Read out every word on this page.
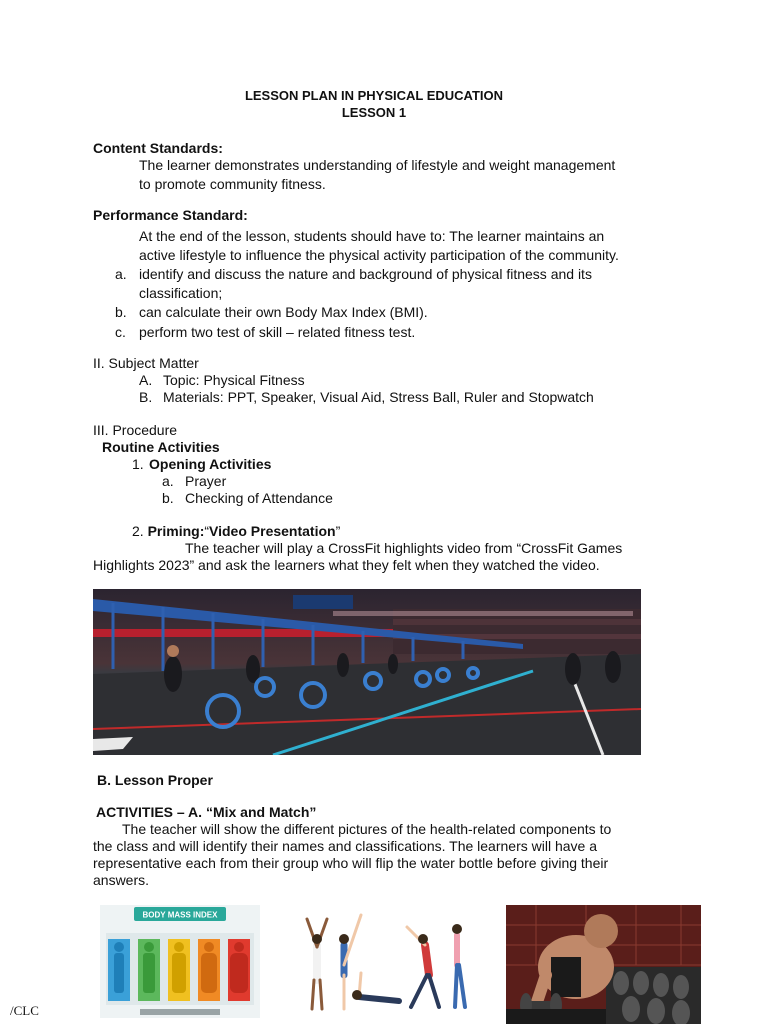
LESSON PLAN IN PHYSICAL EDUCATION
LESSON 1
Content Standards:
The learner demonstrates understanding of lifestyle and weight management
to promote community fitness.
Performance Standard:
At the end of the lesson, students should have to: The learner maintains an
active lifestyle to influence the physical activity participation of the community.
a. identify and discuss the nature and background of physical fitness and its
classification;
b. can calculate their own Body Max Index (BMI).
c. perform two test of skill – related fitness test.
II. Subject Matter
A. Topic: Physical Fitness
B. Materials: PPT, Speaker, Visual Aid, Stress Ball, Ruler and Stopwatch
III. Procedure
Routine Activities
1. Opening Activities
a. Prayer
b. Checking of Attendance
2. Priming:“Video Presentation”
The teacher will play a CrossFit highlights video from “CrossFit Games
Highlights 2023” and ask the learners what they felt when they watched the video.
B. Lesson Proper
ACTIVITIES – A. “Mix and Match”
The teacher will show the different pictures of the health-related components to
the class and will identify their names and classifications. The learners will have a
representative each from their group who will flip the water bottle before giving their
answers.
BODY MASS INDEX
/CLC
